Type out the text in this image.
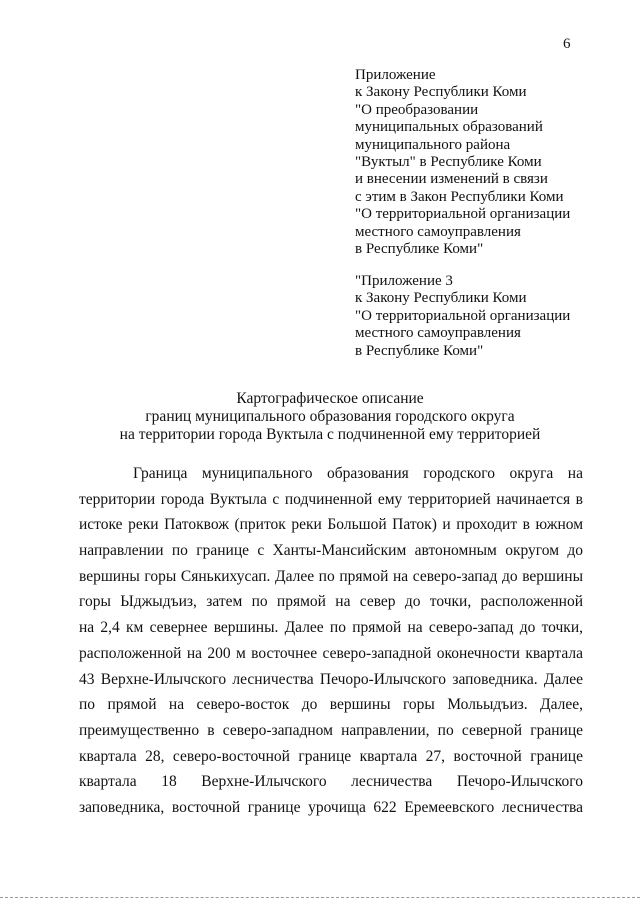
6
Приложение
к Закону Республики Коми
"О преобразовании
муниципальных образований
муниципального района
"Вуктыл" в Республике Коми
и внесении изменений в связи
с этим в Закон Республики Коми
"О территориальной организации
местного самоуправления
в Республике Коми"
"Приложение 3
к Закону Республики Коми
"О территориальной организации
местного самоуправления
в Республике Коми"
Картографическое описание
границ муниципального образования городского округа
на территории города Вуктыла с подчиненной ему территорией
Граница муниципального образования городского округа на
территории города Вуктыла с подчиненной ему территорией начинается в
истоке реки Патоквож (приток реки Большой Паток) и проходит в южном
направлении по границе с Ханты-Мансийским автономным округом до
вершины горы Сянькихусап. Далее по прямой на северо-запад до вершины
горы Ыджыдъиз, затем по прямой на север до точки, расположенной
на 2,4 км севернее вершины. Далее по прямой на северо-запад до точки,
расположенной на 200 м восточнее северо-западной оконечности квартала
43 Верхне-Илычского лесничества Печоро-Илычского заповедника. Далее
по прямой на северо-восток до вершины горы Мольыдъиз. Далее,
преимущественно в северо-западном направлении, по северной границе
квартала 28, северо-восточной границе квартала 27, восточной границе
квартала 18 Верхне-Илычского лесничества Печоро-Илычского
заповедника, восточной границе урочища 622 Еремеевского лесничества
